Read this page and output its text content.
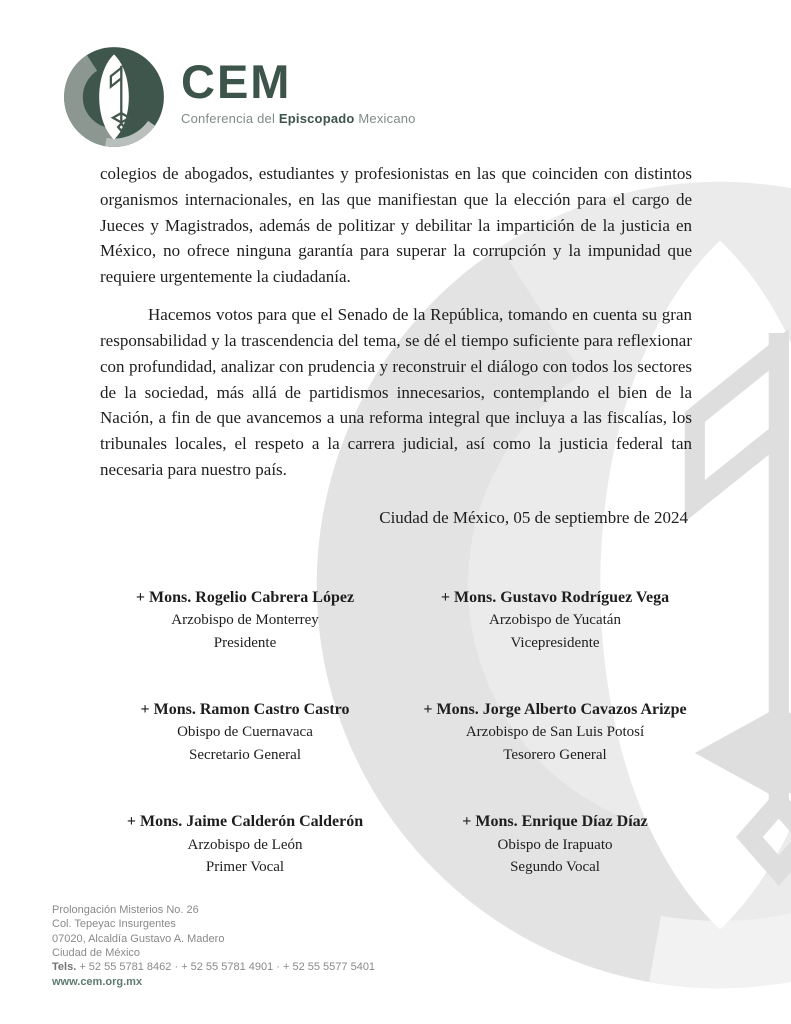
CEM
Conferencia del Episcopado Mexicano

colegios de abogados, estudiantes y profesionistas en las que coinciden con distintos organismos internacionales, en las que manifiestan que la elección para el cargo de Jueces y Magistrados, además de politizar y debilitar la impartición de la justicia en México, no ofrece ninguna garantía para superar la corrupción y la impunidad que requiere urgentemente la ciudadanía.

Hacemos votos para que el Senado de la República, tomando en cuenta su gran responsabilidad y la trascendencia del tema, se dé el tiempo suficiente para reflexionar con profundidad, analizar con prudencia y reconstruir el diálogo con todos los sectores de la sociedad, más allá de partidismos innecesarios, contemplando el bien de la Nación, a fin de que avancemos a una reforma integral que incluya a las fiscalías, los tribunales locales, el respeto a la carrera judicial, así como la justicia federal tan necesaria para nuestro país.

Ciudad de México, 05 de septiembre de 2024

+ Mons. Rogelio Cabrera López
Arzobispo de Monterrey
Presidente
+ Mons. Gustavo Rodríguez Vega
Arzobispo de Yucatán
Vicepresidente
+ Mons. Ramon Castro Castro
Obispo de Cuernavaca
Secretario General
+ Mons. Jorge Alberto Cavazos Arizpe
Arzobispo de San Luis Potosí
Tesorero General
+ Mons. Jaime Calderón Calderón
Arzobispo de León
Primer Vocal
+ Mons. Enrique Díaz Díaz
Obispo de Irapuato
Segundo Vocal
Prolongación Misterios No. 26
Col. Tepeyac Insurgentes
07020, Alcaldía Gustavo A. Madero
Ciudad de México
Tels. + 52 55 5781 8462 · + 52 55 5781 4901 · + 52 55 5577 5401
www.cem.org.mx
